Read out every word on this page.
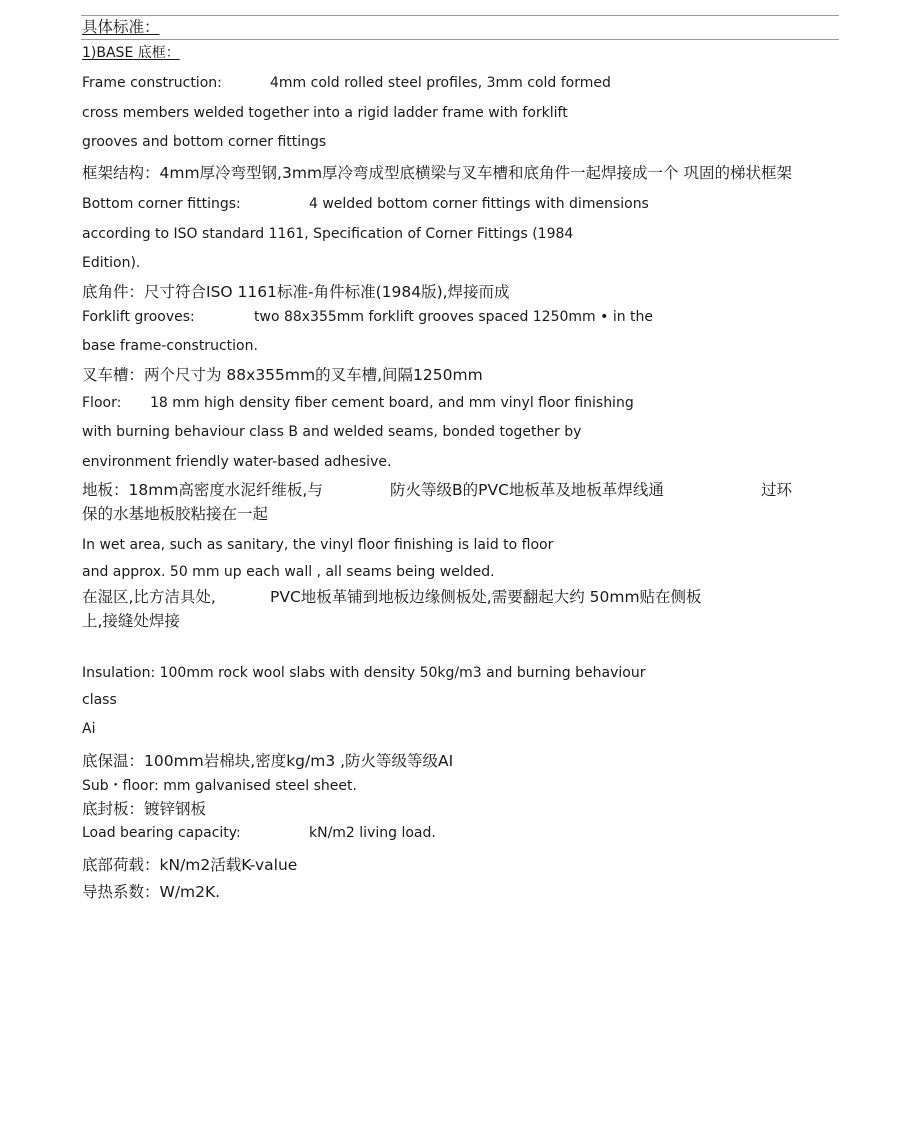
具体标准：
1)BASE 底框：
Frame construction:	4mm cold rolled steel profiles, 3mm cold formed
cross members welded together into a rigid ladder frame with forklift
grooves and bottom corner fittings
框架结构：4mm厚冷弯型钢,3mm厚冷弯成型底横梁与叉车槽和底角件一起焊接成一个 巩固的梯状框架
Bottom corner fittings:	4 welded bottom corner fittings with dimensions
according to ISO standard 1161, Specification of Corner Fittings (1984
Edition).
底角件：尺寸符合ISO 1161标准-角件标准(1984版),焊接而成
Forklift grooves:	two 88x355mm forklift grooves spaced 1250mm • in the
base frame-construction.
叉车槽：两个尺寸为 88x355mm的叉车槽,间隔1250mm
Floor: 18 mm high density fiber cement board, and mm vinyl floor finishing
with burning behaviour class B and welded seams, bonded together by
environment friendly water-based adhesive.
地板：18mm高密度水泥纤维板,与	防火等级B的PVC地板革及地板革焊线通	过环
保的水基地板胶粘接在一起
In wet area, such as sanitary, the vinyl floor finishing is laid to floor
and approx. 50 mm up each wall , all seams being welded.
在湿区,比方洁具处,	PVC地板革铺到地板边缘侧板处,需要翻起大约 50mm贴在侧板
上,接缝处焊接
Insulation: 100mm rock wool slabs with density 50kg/m3 and burning behaviour
class
Ai
底保温：100mm岩棉块,密度kg/m3 ,防火等级等级AI
Sub・floor: mm galvanised steel sheet.
底封板：镀锌钢板
Load bearing capacity:	kN/m2 living load.
底部荷载：kN/m2活载K-value
导热系数：W/m2K.
